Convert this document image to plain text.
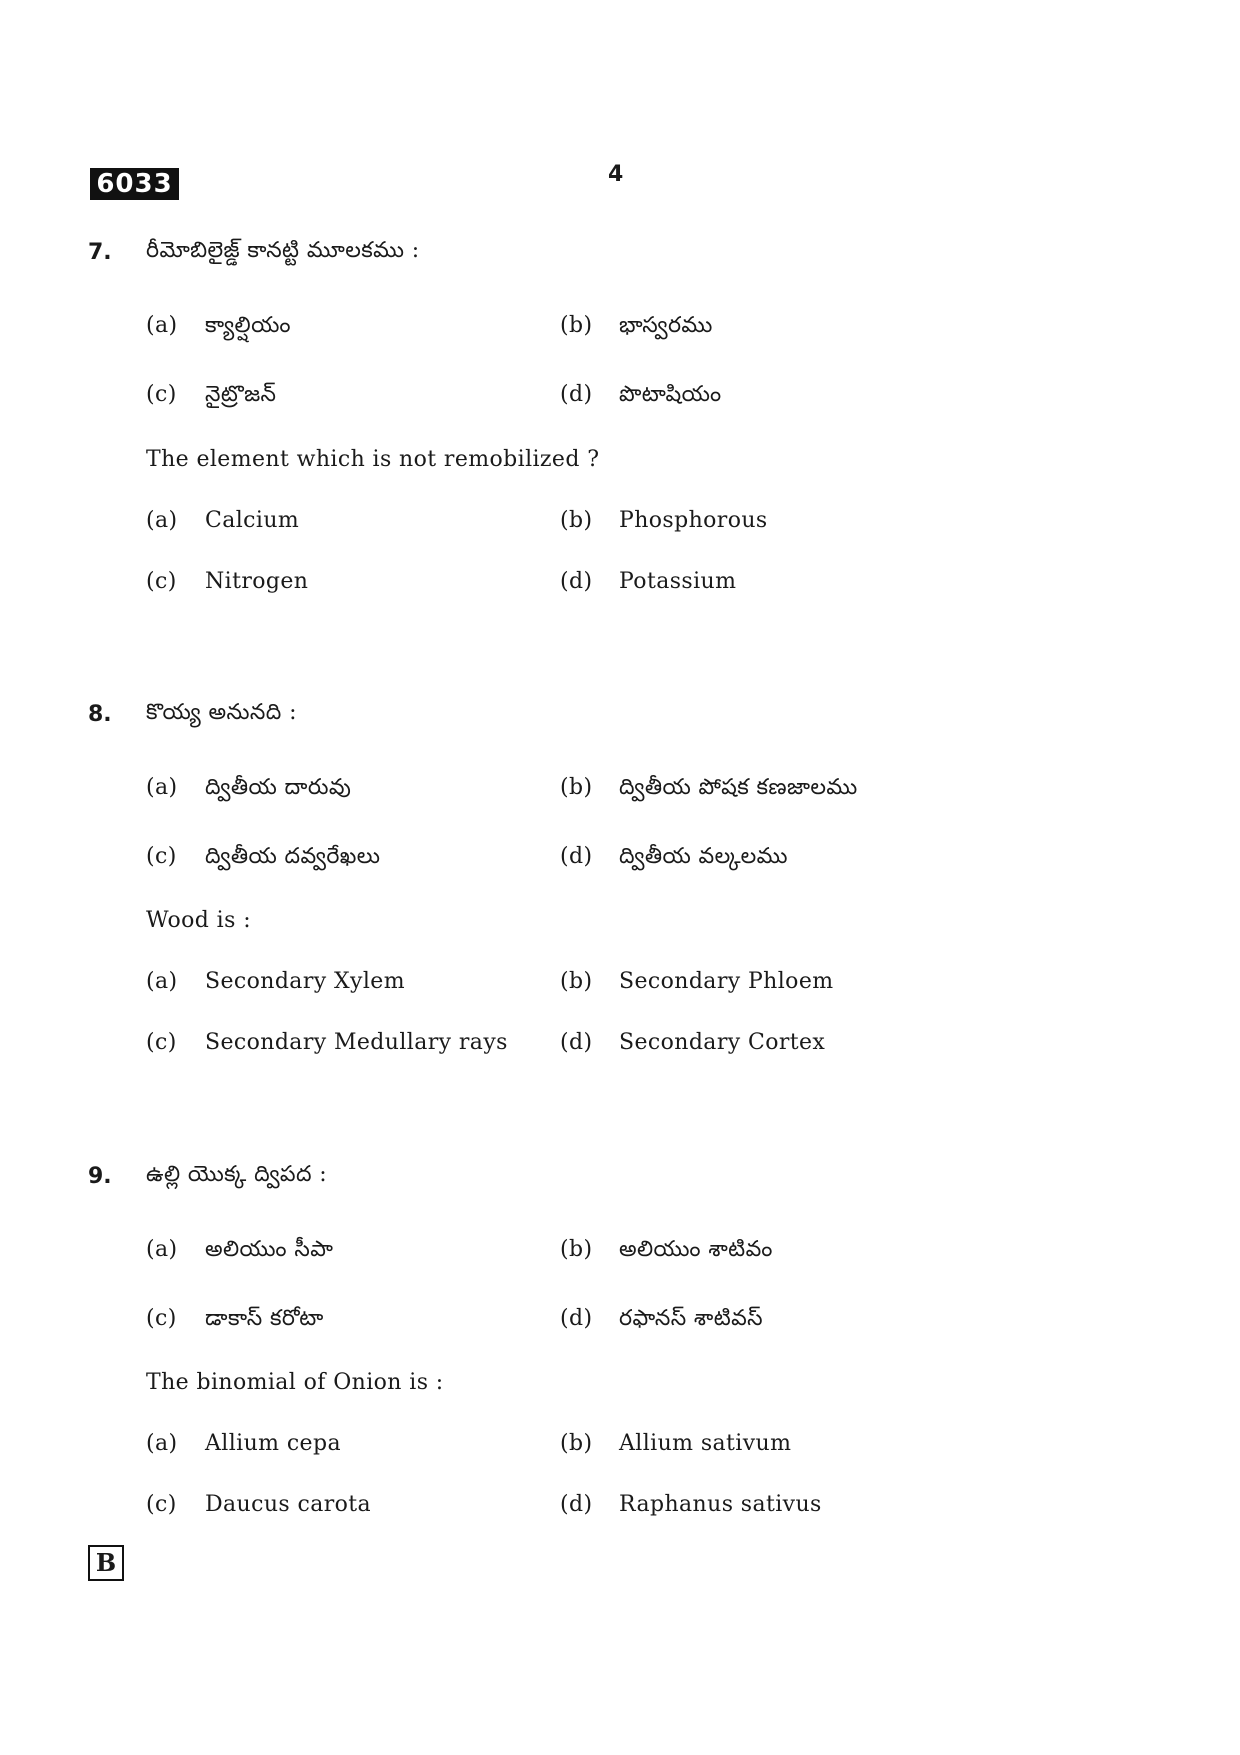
6033	4
7. రీమోబిలైజ్డ్ కానట్టి మూలకము :
(a) క్యాల్షియం	(b) భాస్వరము
(c) నైట్రొజన్	(d) పొటాషియం
The element which is not remobilized ?
(a) Calcium	(b) Phosphorous
(c) Nitrogen	(d) Potassium
8. కొయ్య అనునది :
(a) ద్వితీయ దారువు	(b) ద్వితీయ పోషక కణజాలము
(c) ద్వితీయ దవ్వరేఖలు	(d) ద్వితీయ వల్కలము
Wood is :
(a) Secondary Xylem	(b) Secondary Phloem
(c) Secondary Medullary rays (d) Secondary Cortex
9. ఉల్లి యొక్క ద్విపద :
(a) అలియుం సీపా	(b) అలియుం శాటివం
(c) డాకాస్ కరోటా	(d) రఫానస్ శాటివస్
The binomial of Onion is :
(a) Allium cepa	(b) Allium sativum
(c) Daucus carota	(d) Raphanus sativus
B
